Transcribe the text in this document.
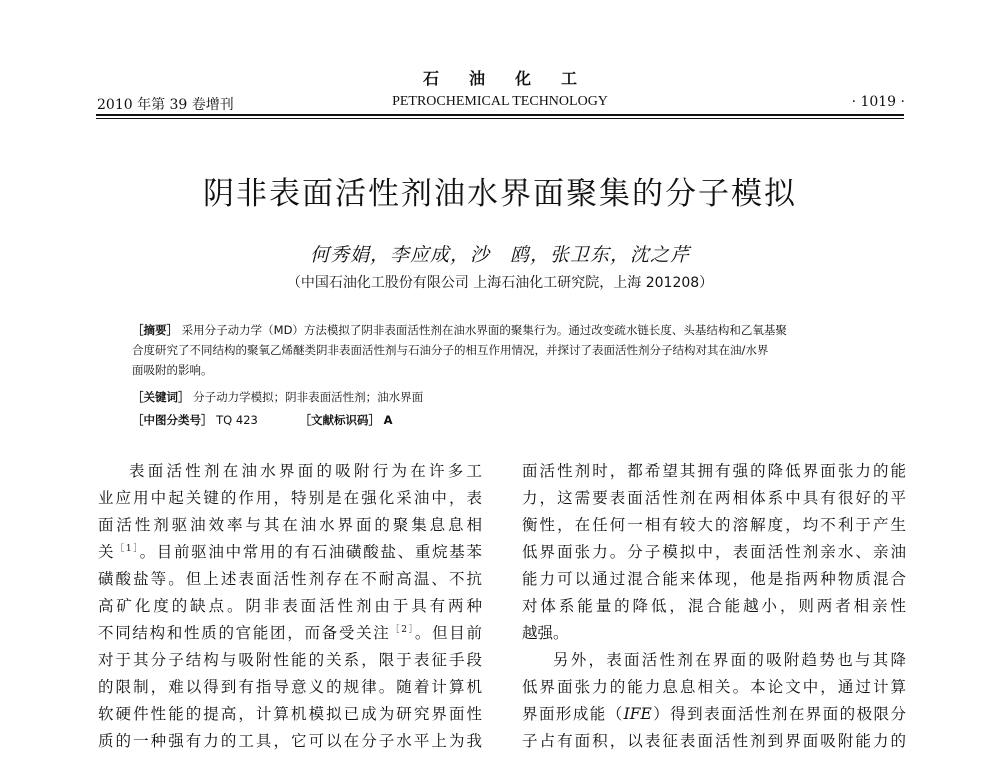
石油化工
2010 年第 39 卷增刊	PETROCHEMICAL TECHNOLOGY	· 1019 ·
阴非表面活性剂油水界面聚集的分子模拟
何秀娟，李应成，沙　鸥，张卫东，沈之芹
（中国石油化工股份有限公司 上海石油化工研究院，上海 201208）
［摘要］ 采用分子动力学（MD）方法模拟了阴非表面活性剂在油水界面的聚集行为。通过改变疏水链长度、头基结构和乙氧基聚
合度研究了不同结构的聚氧乙烯醚类阴非表面活性剂与石油分子的相互作用情况，并探讨了表面活性剂分子结构对其在油/水界
面吸附的影响。
［关键词］ 分子动力学模拟；阴非表面活性剂；油水界面
［中图分类号］ TQ 423	［文献标识码］ A
表面活性剂在油水界面的吸附行为在许多工
业应用中起关键的作用，特别是在强化采油中，表
面活性剂驱油效率与其在油水界面的聚集息息相
关$^{[1]}$。目前驱油中常用的有石油磺酸盐、重烷基苯
磺酸盐等。但上述表面活性剂存在不耐高温、不抗
高矿化度的缺点。阴非表面活性剂由于具有两种
不同结构和性质的官能团，而备受关注$^{[2]}$。但目前
对于其分子结构与吸附性能的关系，限于表征手段
的限制，难以得到有指导意义的规律。随着计算机
软硬件性能的提高，计算机模拟已成为研究界面性
质的一种强有力的工具，它可以在分子水平上为我
面活性剂时，都希望其拥有强的降低界面张力的能
力，这需要表面活性剂在两相体系中具有很好的平
衡性，在任何一相有较大的溶解度，均不利于产生
低界面张力。分子模拟中，表面活性剂亲水、亲油
能力可以通过混合能来体现，他是指两种物质混合
对体系能量的降低，混合能越小，则两者相亲性
越强。
另外，表面活性剂在界面的吸附趋势也与其降
低界面张力的能力息息相关。本论文中，通过计算
界面形成能（IFE）得到表面活性剂在界面的极限分
子占有面积，以表征表面活性剂到界面吸附能力的
